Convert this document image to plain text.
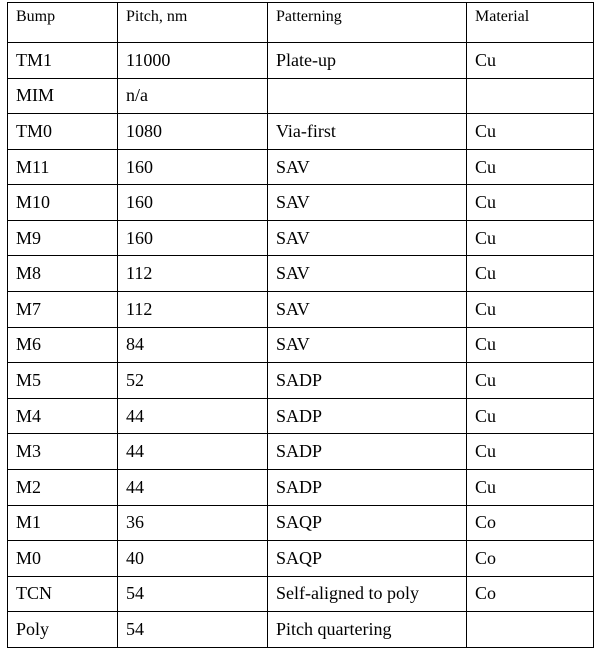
Bump	Pitch, nm	Patterning	Material
TM1	11000	Plate-up	Cu
MIM	n/a		
TM0	1080	Via-first	Cu
M11	160	SAV	Cu
M10	160	SAV	Cu
M9	160	SAV	Cu
M8	112	SAV	Cu
M7	112	SAV	Cu
M6	84	SAV	Cu
M5	52	SADP	Cu
M4	44	SADP	Cu
M3	44	SADP	Cu
M2	44	SADP	Cu
M1	36	SAQP	Co
M0	40	SAQP	Co
TCN	54	Self-aligned to poly	Co
Poly	54	Pitch quartering	
